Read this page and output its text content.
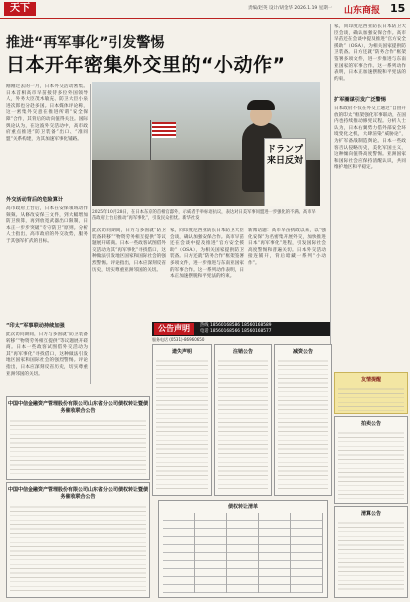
天下	责编/赵英 设计/胡金华 2026.1.19 星期一 山东商报 15
推进“再军事化”引发警惕
日本开年密集外交里的“小动作”
刚刚过去的一月，日本外交活动密集。日本首相高市早苗接待多位外国领导人，外务大臣茂木敏充、防卫大臣小泉进次郎也分赴多国。日本媒体评论称，这一密集外交意在推进所谓“安全保障”合作，其背后的动向值得关注。国际舆论认为，在这波外交活动中，高市政府重点推进“防卫装备”出口、“准同盟”关系构建，为其加速军事化铺路。
外交活动背后的危险算计
高市政府上台后，日本在安保领域动作频频。从修改安保三文件，到大幅增加防卫预算，再到放宽武器出口限制，日本正一步步突破“专守防卫”原则。分析人士指出，高市政府的外交攻势，服务于其强军扩武的目标。
“印太”军事联动持续加强
此次访问期间，日方与多国就“防卫装备转移”“物资劳务相互提供”等议题展开磋商。日本一些政客试图借外交活动为其“再军事化”寻找借口，这种做法引发地区国家和国际社会的强烈警惕。评论指出，日本应深刻反省历史，切实尊重亚洲邻国的关切。
ドランプ来日反対
2025年10月28日，在日本东京的首相官邸外，示威者手举标语抗议，表达对日美军事同盟进一步强化的不满。高市早苗政府上台后推动“再军事化”，引发民众担忧。新华社发
此次访问期间，日方与多国就“防卫装备转移”“物资劳务相互提供”等议题展开磋商。日本一些政客试图借外交活动为其“再军事化”寻找借口，这种做法引发地区国家和国际社会的强烈警惕。评论指出，日本应深刻反省历史，切实尊重亚洲邻国的关切。
家，同印度尼西亚防长日本防卫大臣会谈，确认加强安保合作。高市早苗还在会谈中提及推进“官方安全援助”（OSA），为相关国家提供防卫装备。日方还就“防务合作”框架签署多项文件，进一步推进与东南亚国家的军事合作。这一系列动作表明，日本正加速摆脱和平宪法的约束。
新闻话题：高市早苗执政以来，以“强化安保”为名密集开展外交，加快推进日本“再军事化”进程，引发国际社会高度警惕和普遍关切。日本外交活动接连铺开，背后暗藏一系列“小动作”。
家，同印度尼西亚防长日本防卫大臣会谈，确认加强安保合作。高市早苗还在会谈中提及推进“官方安全援助”（OSA），为相关国家提供防卫装备。日方还就“防务合作”框架签署多项文件，进一步推进与东南亚国家的军事合作。这一系列动作表明，日本正加速摆脱和平宪法的约束。
扩军圈谋引发广泛警惕
日本政府不仅在外交上通过“自由开放的印太”框架强化军事联动，在国内也持续推动修宪议程。分析人士认为，日本右翼势力借外部安全环境变化之机，大肆渲染“威胁论”，为扩军备战制造舆论。日本一些政客否认侵略历史，美化军国主义，这种倾向值得高度警惕。亚洲国家和国际社会应保持清醒认识，共同维护地区和平稳定。
公告声明	热线 18560168586 18560168589
电话 18560168566 18560168577
服务电话 (0531)-86960650
中国中信金融资产管理股份有限公司山东省分公司债权转让暨债务催收联合公告
中国中信金融资产管理股份有限公司山东省分公司债权转让暨债务催收联合公告
遗失声明	注销公告	减资公告
友情提醒
拍卖公告
清算公告
债权转让清单
